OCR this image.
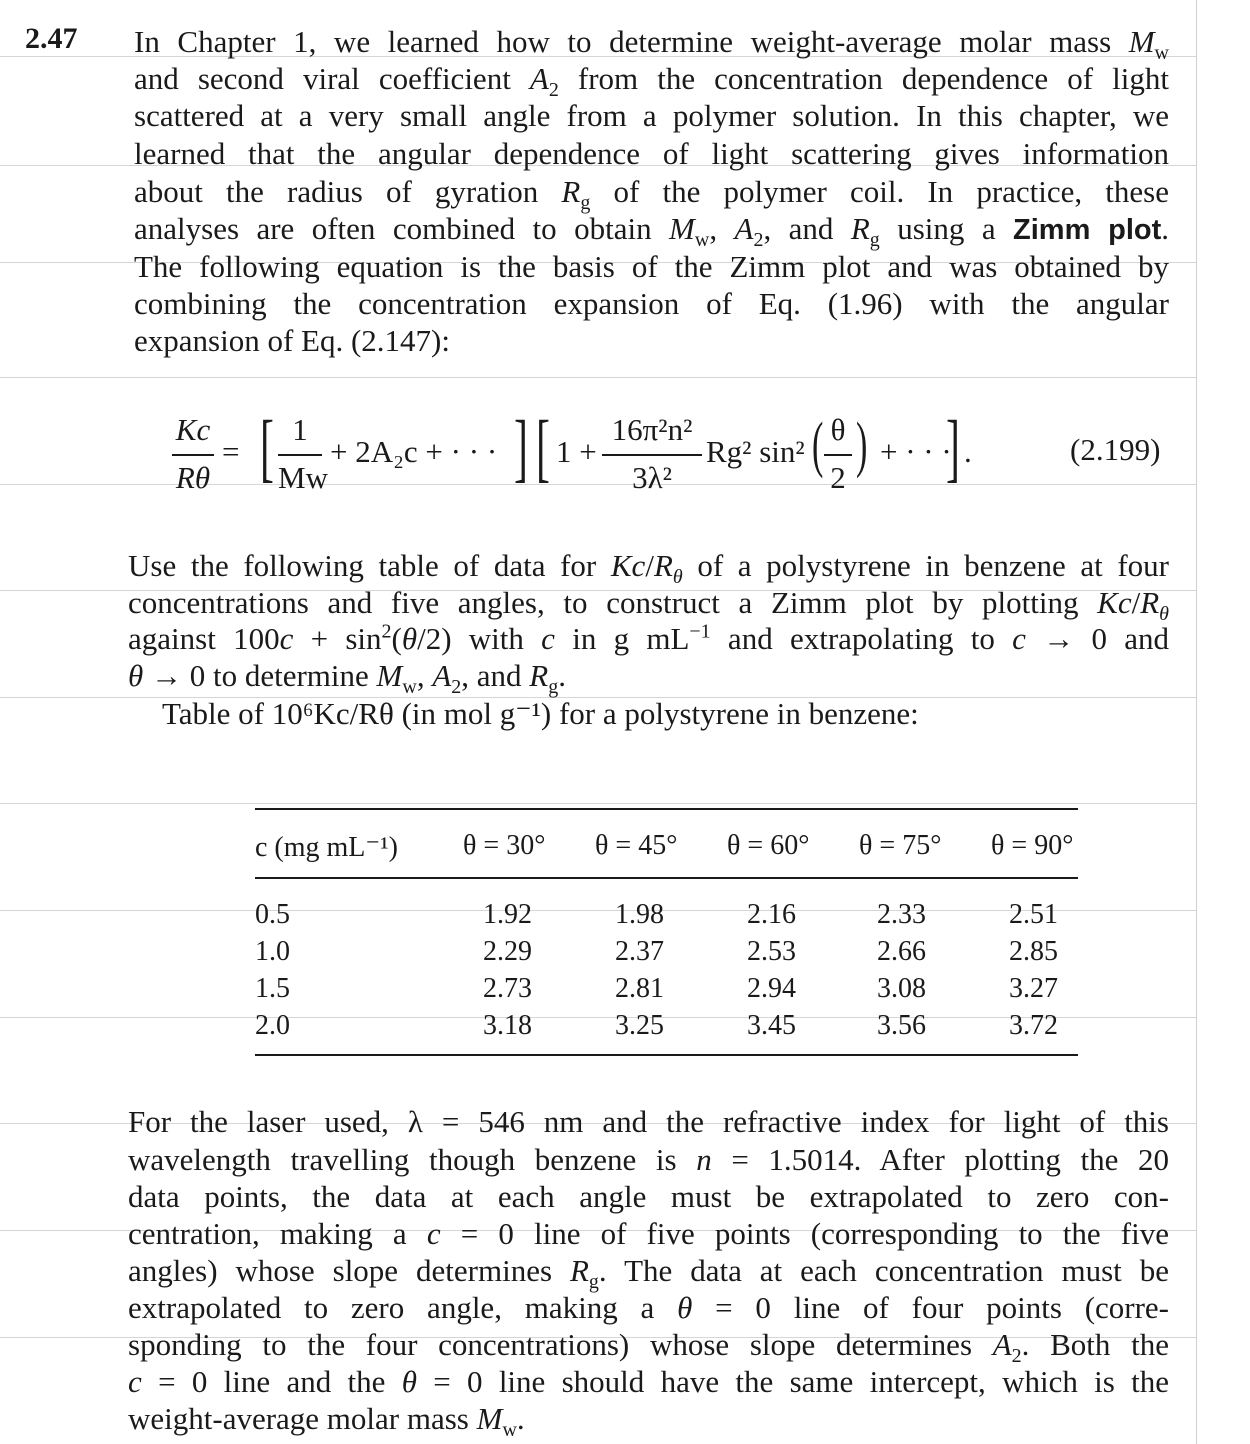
2.47 In Chapter 1, we learned how to determine weight-average molar mass $M_w$
and second viral coefficient $A_2$ from the concentration dependence of light
scattered at a very small angle from a polymer solution. In this chapter, we
learned that the angular dependence of light scattering gives information
about the radius of gyration $R_g$ of the polymer coil. In practice, these
analyses are often combined to obtain $M_w$, $A_2$, and $R_g$ using a Zimm plot.
The following equation is the basis of the Zimm plot and was obtained by
combining the concentration expansion of Eq. (1.96) with the angular
expansion of Eq. (2.147):
Kc
Rθ
= [ 1
Mw
+ 2A₂c + · · · ] [ 1 +
16π²n²
3λ²
Rg² sin² ( θ
2 ) + · · ·
] .	(2.199)
Use the following table of data for $Kc/R_\theta$ of a polystyrene in benzene at four
concentrations and five angles, to construct a Zimm plot by plotting $Kc/R_\theta$
against $100c + \sin^2(\theta/2)$ with c in g $mL^{-1}$ and extrapolating to c → 0 and
θ → 0 to determine $M_w$, $A_2$, and $R_g$.
Table of 10⁶Kc/Rθ (in mol g⁻¹) for a polystyrene in benzene:
c (mg mL⁻¹) θ = 30° θ = 45° θ = 60° θ = 75° θ = 90°
0.5	1.92	1.98	2.16	2.33	2.51
1.0	2.29	2.37	2.53	2.66	2.85
1.5	2.73	2.81	2.94	3.08	3.27
2.0	3.18	3.25	3.45	3.56	3.72
For the laser used, λ = 546 nm and the refractive index for light of this
wavelength travelling though benzene is n = 1.5014. After plotting the 20
data points, the data at each angle must be extrapolated to zero con-
centration, making a c = 0 line of five points (corresponding to the five
angles) whose slope determines $R_g$. The data at each concentration must be
extrapolated to zero angle, making a θ = 0 line of four points (corre-
sponding to the four concentrations) whose slope determines $A_2$. Both the
c = 0 line and the θ = 0 line should have the same intercept, which is the
weight-average molar mass $M_w$.
